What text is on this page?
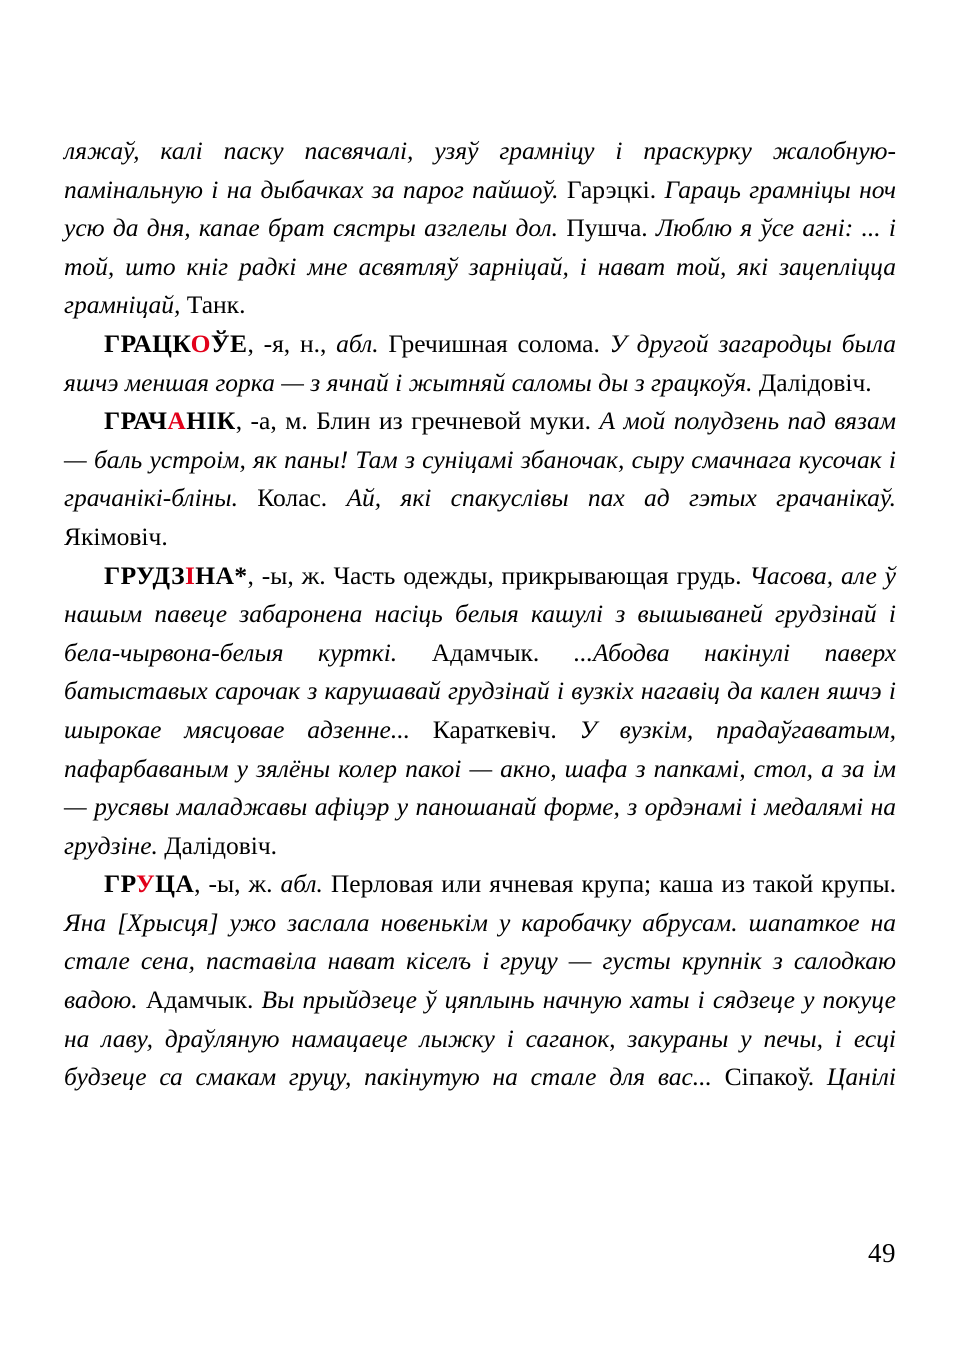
ляжаў, калі паску пасвячалі, узяў грамніцу і праскурку жалобную-памінальную і на дыбачках за парог пайшоў. Гарэцкі. Гараць грамніцы ноч усю да дня, капае брат сястры азглелы дол. Пушча. Люблю я ўсе агні: ... і той, што кніг радкі мне асвятляў зарніцай, і нават той, які зацепліцца грамніцай, Танк.

ГРАЦКОЎЕ, -я, н., абл. Гречишная солома. У другой загародцы была яшчэ меншая горка — з ячнай і жытняй саломы ды з грацкоўя. Далідовіч.

ГРАЧАНІК, -а, м. Блин из гречневой муки. А мой полудзень пад вязам — баль устроім, як паны! Там з суніцамі збаночак, сыру смачнага кусочак і грачанікі-бліны. Колас. Ай, які спакуслівы пах ад гэтых грачанікаў. Якімовіч.

ГРУДЗІНА*, -ы, ж. Часть одежды, прикрывающая грудь. Часова, але ў нашым павеце забаронена насіць белыя кашулі з вышываней грудзінай і бела-чырвона-белыя курткі. Адамчык. ...Абодва накінулі паверх батыставых сарочак з карушавай грудзінай і вузкіх нагавіц да кален яшчэ і шырокае мясцовае адзенне... Караткевіч. У вузкім, прадаўгаватым, пафарбаваным у зялёны колер пакоі — акно, шафа з папкамі, стол, а за ім — русявы маладжавы афіцэр у паношанай форме, з ордэнамі і медалямі на грудзіне. Далідовіч.

ГРУЦА, -ы, ж. абл. Перловая или ячневая крупа; каша из такой крупы. Яна [Хрысця] ужо заслала новенькім у каробачку абрусам. шапаткое на стале сена, паставіла нават кіселъ і груцу — густы крупнік з салодкаю вадою. Адамчык. Вы прыйдзеце ў цяплынь начную хаты і сядзеце у покуце на лаву, драўляную намацаеце лыжку і саганок, закураны у печы, і есці будзеце са смакам груцу, пакінутую на стале для вас... Сіпакоў. Цанілі

49
